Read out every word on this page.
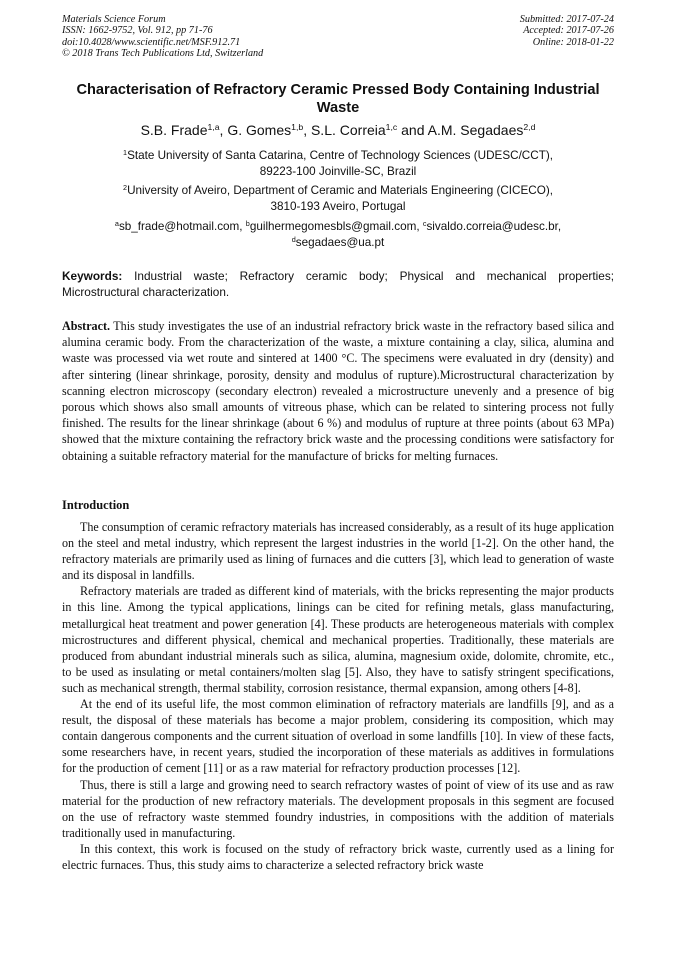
Materials Science Forum
ISSN: 1662-9752, Vol. 912, pp 71-76
doi:10.4028/www.scientific.net/MSF.912.71
© 2018 Trans Tech Publications Ltd, Switzerland
Submitted: 2017-07-24
Accepted: 2017-07-26
Online: 2018-01-22
Characterisation of Refractory Ceramic Pressed Body Containing Industrial Waste
S.B. Frade$^{1,a}$, G. Gomes$^{1,b}$, S.L. Correia$^{1,c}$ and A.M. Segadaes$^{2,d}$
$^1$State University of Santa Catarina, Centre of Technology Sciences (UDESC/CCT),
89223-100 Joinville-SC, Brazil
$^2$University of Aveiro, Department of Ceramic and Materials Engineering (CICECO),
3810-193 Aveiro, Portugal
$^a$sb_frade@hotmail.com, $^b$guilhermegomesbls@gmail.com, $^c$sivaldo.correia@udesc.br,
$^d$segadaes@ua.pt
Keywords: Industrial waste; Refractory ceramic body; Physical and mechanical properties; Microstructural characterization.
Abstract. This study investigates the use of an industrial refractory brick waste in the refractory based silica and alumina ceramic body. From the characterization of the waste, a mixture containing a clay, silica, alumina and waste was processed via wet route and sintered at 1400 °C. The specimens were evaluated in dry (density) and after sintering (linear shrinkage, porosity, density and modulus of rupture).Microstructural characterization by scanning electron microscopy (secondary electron) revealed a microstructure unevenly and a presence of big porous which shows also small amounts of vitreous phase, which can be related to sintering process not fully finished. The results for the linear shrinkage (about 6 %) and modulus of rupture at three points (about 63 MPa) showed that the mixture containing the refractory brick waste and the processing conditions were satisfactory for obtaining a suitable refractory material for the manufacture of bricks for melting furnaces.
Introduction

The consumption of ceramic refractory materials has increased considerably, as a result of its huge application on the steel and metal industry, which represent the largest industries in the world [1-2]. On the other hand, the refractory materials are primarily used as lining of furnaces and die cutters [3], which lead to generation of waste and its disposal in landfills.

Refractory materials are traded as different kind of materials, with the bricks representing the major products in this line. Among the typical applications, linings can be cited for refining metals, glass manufacturing, metallurgical heat treatment and power generation [4]. These products are heterogeneous materials with complex microstructures and different physical, chemical and mechanical properties. Traditionally, these materials are produced from abundant industrial minerals such as silica, alumina, magnesium oxide, dolomite, chromite, etc., to be used as insulating or metal containers/molten slag [5]. Also, they have to satisfy stringent specifications, such as mechanical strength, thermal stability, corrosion resistance, thermal expansion, among others [4-8].

At the end of its useful life, the most common elimination of refractory materials are landfills [9], and as a result, the disposal of these materials has become a major problem, considering its composition, which may contain dangerous components and the current situation of overload in some landfills [10]. In view of these facts, some researchers have, in recent years, studied the incorporation of these materials as additives in formulations for the production of cement [11] or as a raw material for refractory production processes [12].

Thus, there is still a large and growing need to search refractory wastes of point of view of its use and as raw material for the production of new refractory materials. The development proposals in this segment are focused on the use of refractory waste stemmed foundry industries, in compositions with the addition of materials traditionally used in manufacturing.

In this context, this work is focused on the study of refractory brick waste, currently used as a lining for electric furnaces. Thus, this study aims to characterize a selected refractory brick waste
